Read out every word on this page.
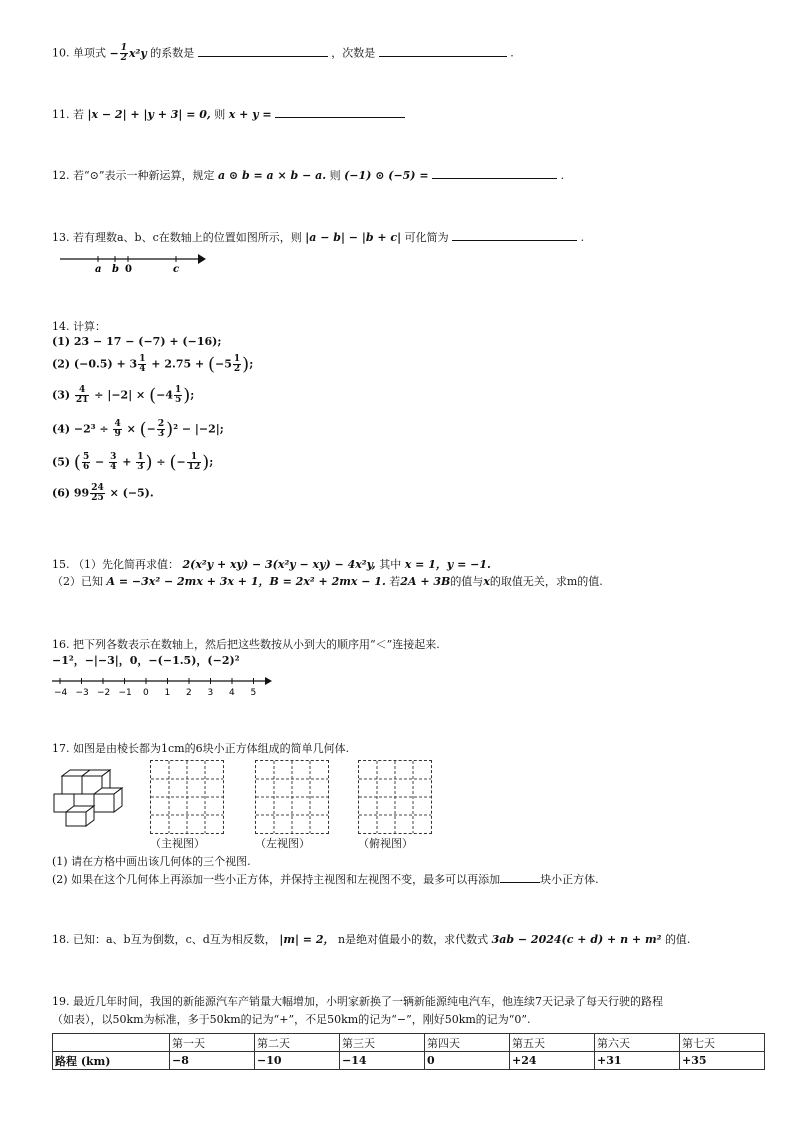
10. 单项式 − $\frac{1}{2} x^2y$ 的系数是	，次数是	.
11. 若 |x − 2| + |y + 3| = 0, 则 x + y =
12. 若“⊙”表示一种新运算，规定 a ⊙ b = a × b − a. 则 (−1) ⊙ (−5) =	.
13. 若有理数a、b、c在数轴上的位置如图所示，则 |a − b| − |b + c| 可化简为	.
a b 0	c
14. 计算：
(1) 23 − 17 − (−7) + (−16);
(2) $(-0.5) + 3 \frac{1}{4} + 2.75 + (-5 \frac{1}{2}$ );
$(3) \frac{4}{21} \div |-2| \times (-4 \frac{1}{5}$ );
$(4) -2^3 \div \frac{4}{9}$ × (− $\frac{2}{3} )^2 - |-2|$;
(5) ( $\frac{5}{6} - \frac{3}{4} + \frac{1}{3}$ ) ÷ (− $\frac{1}{12}$ );
(6) $99 \frac{24}{25} \times (-5)$.
15. （1）先化简再求值： 2(x²y + xy) − 3(x²y − xy) − 4x²y, 其中 x = 1，y = −1.
（2）已知 A = −3x² − 2mx + 3x + 1，B = 2x² + 2mx − 1. 若2A + 3B的值与x的取值无关，求m的值.
16. 把下列各数表示在数轴上，然后把这些数按从小到大的顺序用“＜”连接起来.
−1²，−|−3|，0，−(−1.5)，(−2)²
−4 −3 −2 −1 0 1 2 3 4 5
17. 如图是由棱长都为1cm的6块小正方体组成的简单几何体.
（主视图）	（左视图）	（俯视图）
(1) 请在方格中画出该几何体的三个视图.
(2) 如果在这个几何体上再添加一些小正方体，并保持主视图和左视图不变，最多可以再添加	块小正方体.
18. 已知：a、b互为倒数，c、d互为相反数， |m| = 2， n是绝对值最小的数，求代数式 3ab − 2024(c + d) + n + m² 的值.
19. 最近几年时间，我国的新能源汽车产销量大幅增加，小明家新换了一辆新能源纯电汽车，他连续7天记录了每天行驶的路程
（如表），以50km为标准，多于50km的记为“+”，不足50km的记为“−”，刚好50km的记为“0”.
	第一天	第二天	第三天	第四天	第五天	第六天	第七天
路程 (km)	−8	−10	−14	0	+24	+31	+35
